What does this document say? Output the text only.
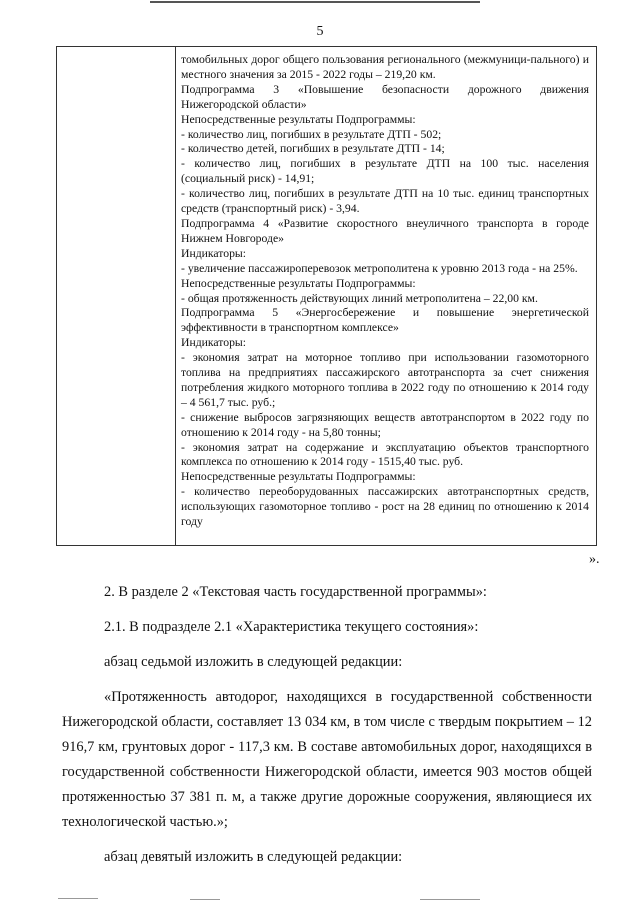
5

томобильных дорог общего пользования регионального (межмуници-пального) и местного значения за 2015 - 2022 годы – 219,20 км.

Подпрограмма 3 «Повышение безопасности дорожного движения Нижегородской области»

Непосредственные результаты Подпрограммы:

- количество лиц, погибших в результате ДТП - 502;

- количество детей, погибших в результате ДТП - 14;

- количество лиц, погибших в результате ДТП на 100 тыс. населения (социальный риск) - 14,91;

- количество лиц, погибших в результате ДТП на 10 тыс. единиц транспортных средств (транспортный риск) - 3,94.

Подпрограмма 4 «Развитие скоростного внеуличного транспорта в городе Нижнем Новгороде»

Индикаторы:

- увеличение пассажироперевозок метрополитена к уровню 2013 года - на 25%.

Непосредственные результаты Подпрограммы:

- общая протяженность действующих линий метрополитена – 22,00 км.

Подпрограмма 5 «Энергосбережение и повышение энергетической эффективности в транспортном комплексе»

Индикаторы:

- экономия затрат на моторное топливо при использовании газомоторного топлива на предприятиях пассажирского автотранспорта за счет снижения потребления жидкого моторного топлива в 2022 году по отношению к 2014 году – 4 561,7 тыс. руб.;

- снижение выбросов загрязняющих веществ автотранспортом в 2022 году по отношению к 2014 году - на 5,80 тонны;

- экономия затрат на содержание и эксплуатацию объектов транспортного комплекса по отношению к 2014 году - 1515,40 тыс. руб.

Непосредственные результаты Подпрограммы:

- количество переоборудованных пассажирских автотранспортных средств, использующих газомоторное топливо - рост на 28 единиц по отношению к 2014 году

».

2. В разделе 2 «Текстовая часть государственной программы»:

2.1. В подразделе 2.1 «Характеристика текущего состояния»:

абзац седьмой изложить в следующей редакции:

«Протяженность автодорог, находящихся в государственной собственности Нижегородской области, составляет 13 034 км, в том числе с твердым покрытием – 12 916,7 км, грунтовых дорог - 117,3 км. В составе автомобильных дорог, находящихся в государственной собственности Нижегородской области, имеется 903 мостов общей протяженностью 37 381 п. м, а также другие дорожные сооружения, являющиеся их технологической частью.»;

абзац девятый изложить в следующей редакции:
